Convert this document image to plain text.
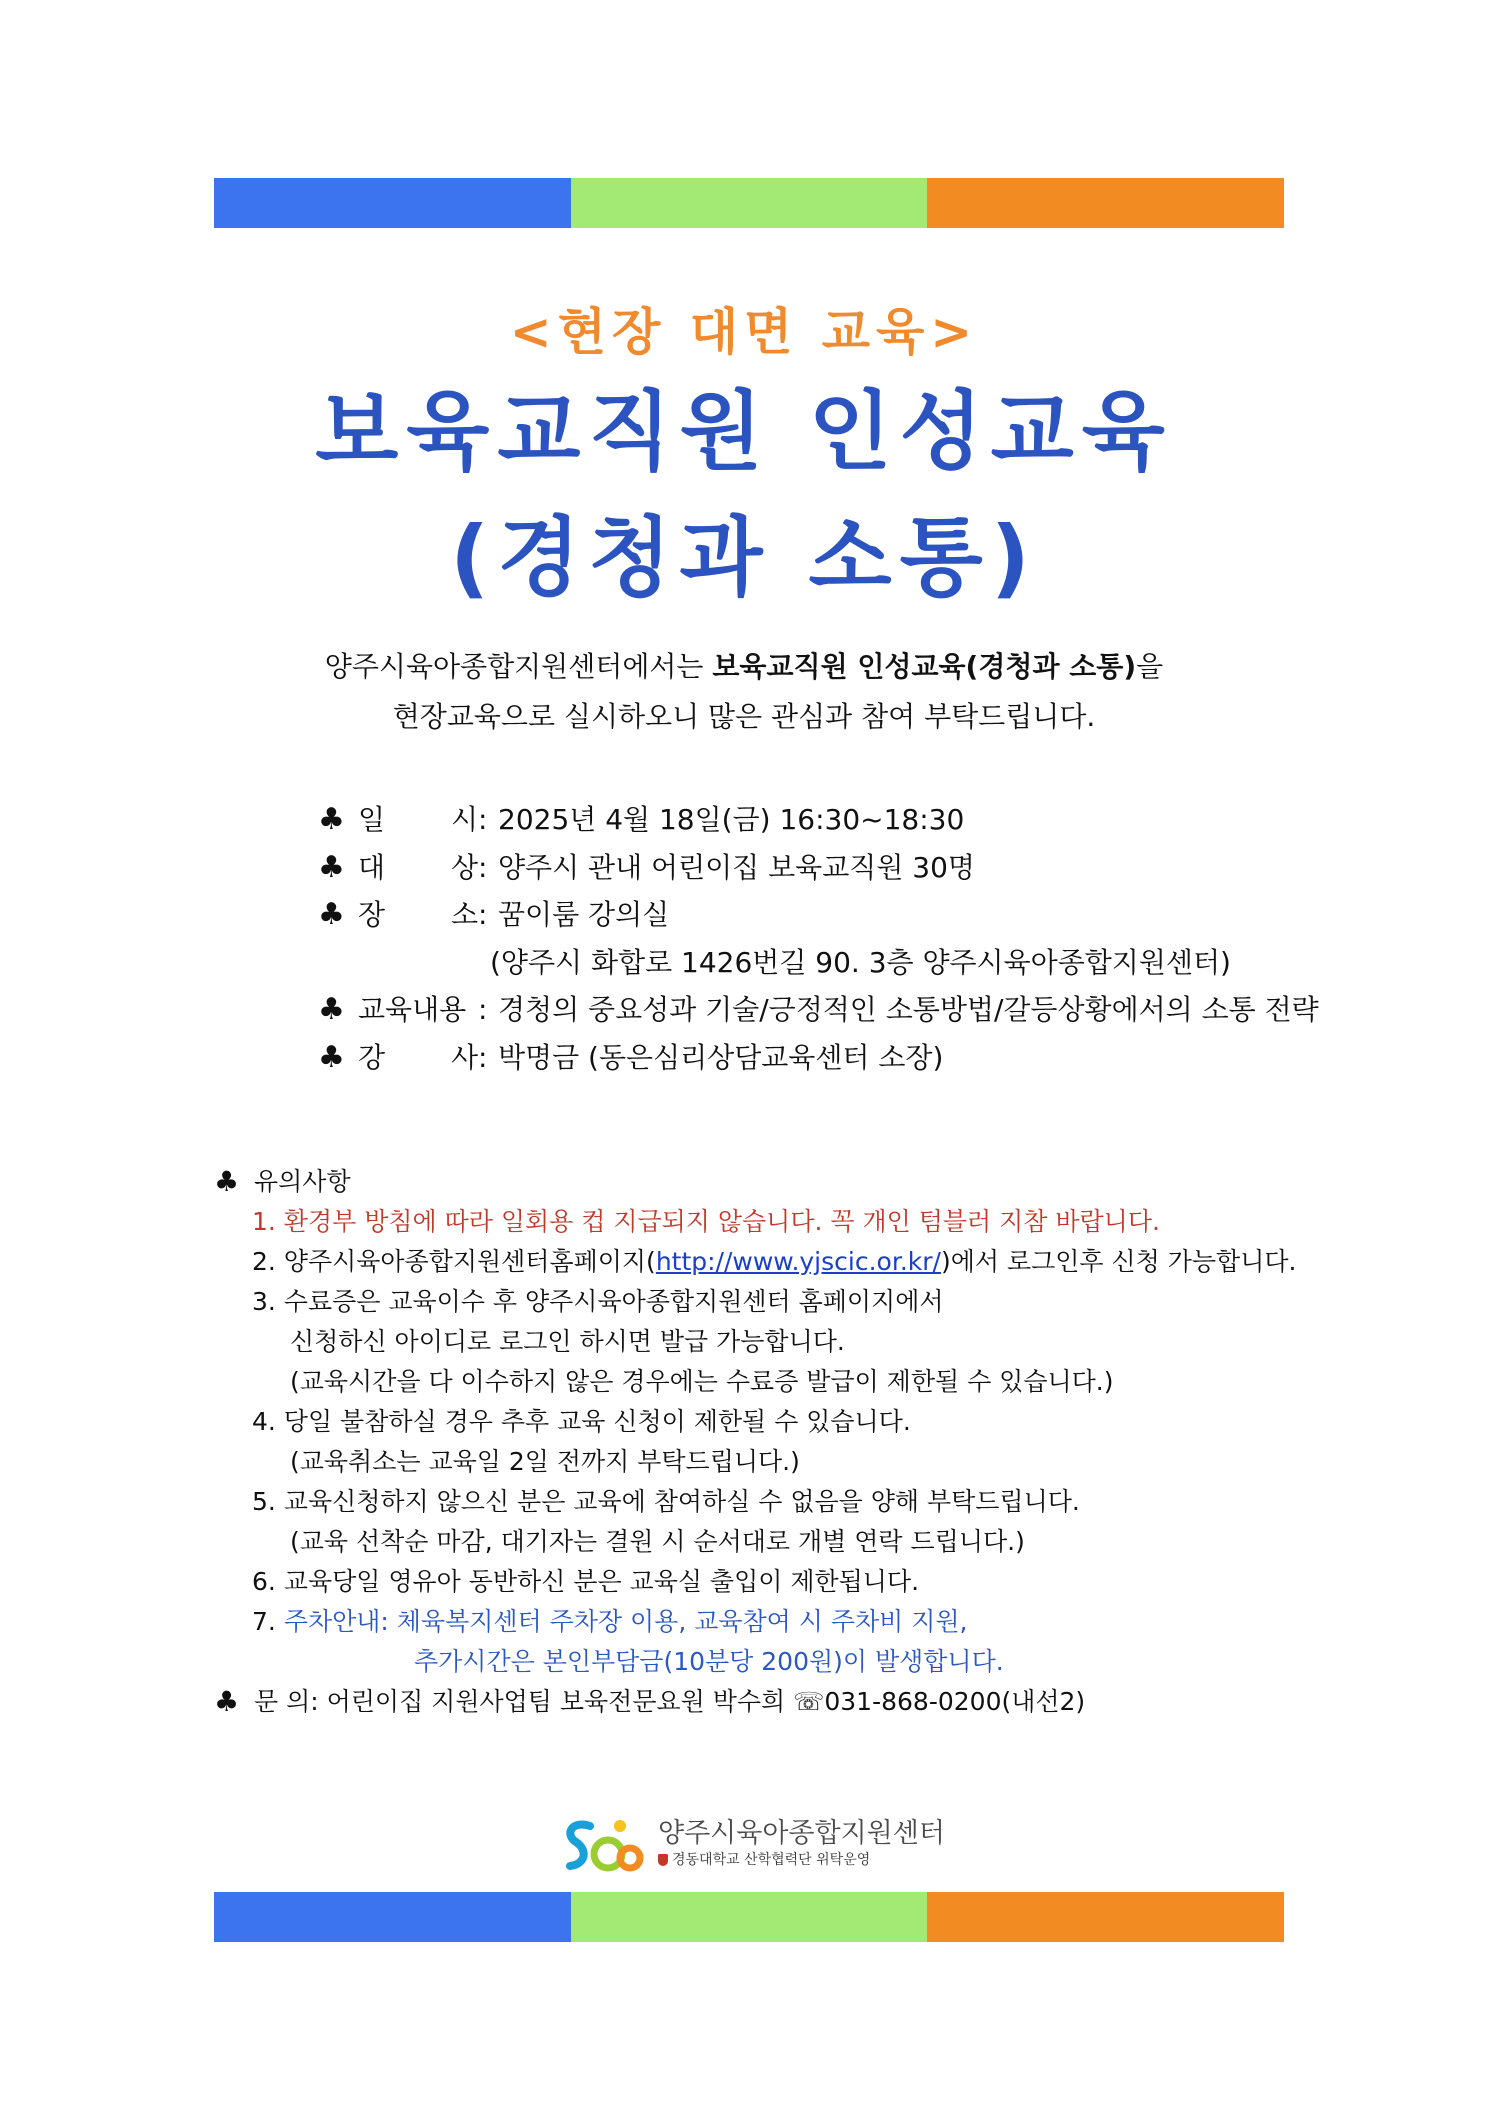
<현장 대면 교육>
보육교직원 인성교육
(경청과 소통)
양주시육아종합지원센터에서는 보육교직원 인성교육(경청과 소통)을
현장교육으로 실시하오니 많은 관심과 참여 부탁드립니다.
♣ 일 시 : 2025년 4월 18일(금) 16:30~18:30
♣ 대 상 : 양주시 관내 어린이집 보육교직원 30명
♣ 장 소 : 꿈이룸 강의실
(양주시 화합로 1426번길 90. 3층 양주시육아종합지원센터)
♣ 교육내용 : 경청의 중요성과 기술/긍정적인 소통방법/갈등상황에서의 소통 전략
♣ 강 사 : 박명금 (동은심리상담교육센터 소장)
♣ 유의사항
1. 환경부 방침에 따라 일회용 컵 지급되지 않습니다. 꼭 개인 텀블러 지참 바랍니다.
2. 양주시육아종합지원센터홈페이지(http://www.yjscic.or.kr/)에서 로그인후 신청 가능합니다.
3. 수료증은 교육이수 후 양주시육아종합지원센터 홈페이지에서
신청하신 아이디로 로그인 하시면 발급 가능합니다.
(교육시간을 다 이수하지 않은 경우에는 수료증 발급이 제한될 수 있습니다.)
4. 당일 불참하실 경우 추후 교육 신청이 제한될 수 있습니다.
(교육취소는 교육일 2일 전까지 부탁드립니다.)
5. 교육신청하지 않으신 분은 교육에 참여하실 수 없음을 양해 부탁드립니다.
(교육 선착순 마감, 대기자는 결원 시 순서대로 개별 연락 드립니다.)
6. 교육당일 영유아 동반하신 분은 교육실 출입이 제한됩니다.
7. 주차안내: 체육복지센터 주차장 이용, 교육참여 시 주차비 지원,
추가시간은 본인부담금(10분당 200원)이 발생합니다.
♣ 문 의: 어린이집 지원사업팀 보육전문요원 박수희 ☏031-868-0200(내선2)
양주시육아종합지원센터
경동대학교 산학협력단 위탁운영
